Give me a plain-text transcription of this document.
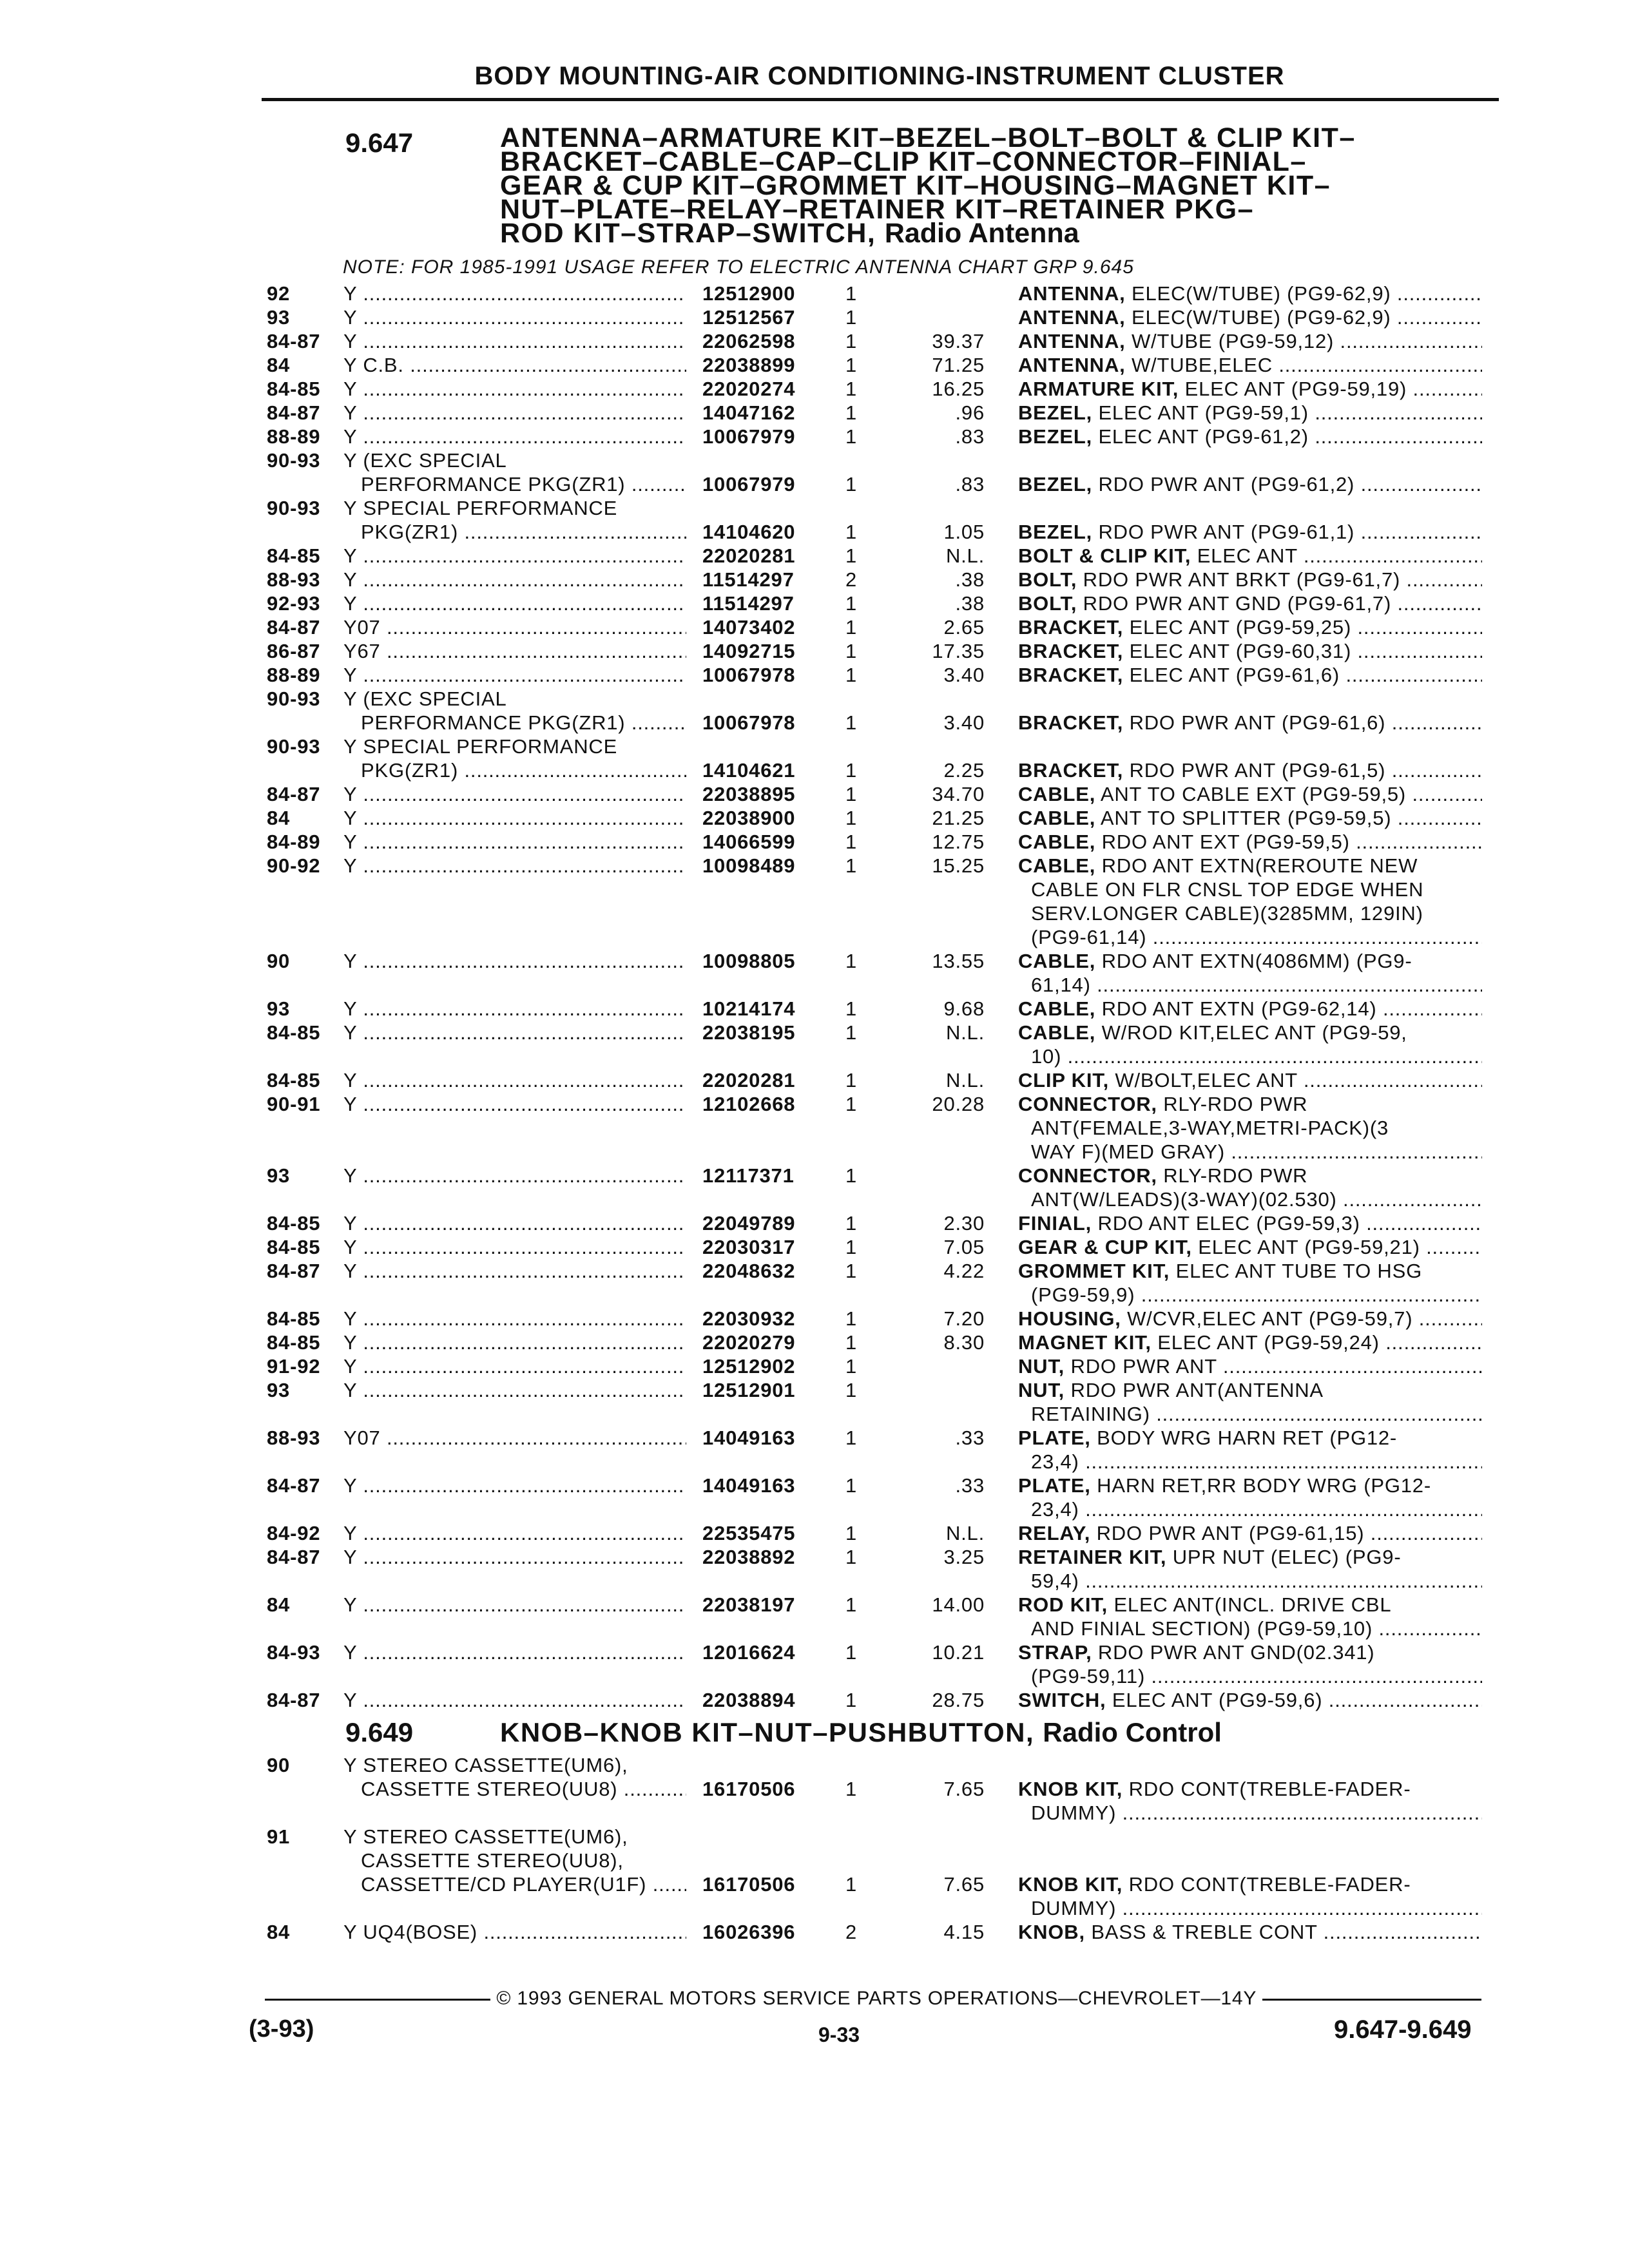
BODY MOUNTING-AIR CONDITIONING-INSTRUMENT CLUSTER
9.647	ANTENNA–ARMATURE KIT–BEZEL–BOLT–BOLT & CLIP KIT–
BRACKET–CABLE–CAP–CLIP KIT–CONNECTOR–FINIAL–
GEAR & CUP KIT–GROMMET KIT–HOUSING–MAGNET KIT–
NUT–PLATE–RELAY–RETAINER KIT–RETAINER PKG–
ROD KIT–STRAP–SWITCH, Radio Antenna
NOTE: FOR 1985-1991 USAGE REFER TO ELECTRIC ANTENNA CHART GRP 9.645
92	Y .....	12512900	1	ANTENNA, ELEC(W/TUBE) (PG9-62,9) .....
93	Y .....	12512567	1	ANTENNA, ELEC(W/TUBE) (PG9-62,9) .....
84-87	Y .....	22062598	1	39.37 ANTENNA, W/TUBE (PG9-59,12) .....
84	Y C.B. .....	22038899	1	71.25 ANTENNA, W/TUBE,ELEC .....
84-85	Y .....	22020274	1	16.25 ARMATURE KIT, ELEC ANT (PG9-59,19) .....
84-87	Y .....	14047162	1	.96 BEZEL, ELEC ANT (PG9-59,1) .....
88-89	Y .....	10067979	1	.83 BEZEL, ELEC ANT (PG9-61,2) .....
90-93	Y (EXC SPECIAL
PERFORMANCE PKG(ZR1) .....	10067979	1	.83 BEZEL, RDO PWR ANT (PG9-61,2) .....
90-93	Y SPECIAL PERFORMANCE
PKG(ZR1) .....	14104620	1	1.05 BEZEL, RDO PWR ANT (PG9-61,1) .....
84-85	Y .....	22020281	1	N.L. BOLT & CLIP KIT, ELEC ANT .....
88-93	Y .....	11514297	2	.38 BOLT, RDO PWR ANT BRKT (PG9-61,7) .....
92-93	Y .....	11514297	1	.38 BOLT, RDO PWR ANT GND (PG9-61,7) .....
84-87	Y07 .....	14073402	1	2.65 BRACKET, ELEC ANT (PG9-59,25) .....
86-87	Y67 .....	14092715	1	17.35 BRACKET, ELEC ANT (PG9-60,31) .....
88-89	Y .....	10067978	1	3.40 BRACKET, ELEC ANT (PG9-61,6) .....
90-93	Y (EXC SPECIAL
PERFORMANCE PKG(ZR1) .....	10067978	1	3.40 BRACKET, RDO PWR ANT (PG9-61,6) .....
90-93	Y SPECIAL PERFORMANCE
PKG(ZR1) .....	14104621	1	2.25 BRACKET, RDO PWR ANT (PG9-61,5) .....
84-87	Y .....	22038895	1	34.70 CABLE, ANT TO CABLE EXT (PG9-59,5) .....
84	Y .....	22038900	1	21.25 CABLE, ANT TO SPLITTER (PG9-59,5) .....
84-89	Y .....	14066599	1	12.75 CABLE, RDO ANT EXT (PG9-59,5) .....
90-92	Y .....	10098489	1	15.25 CABLE, RDO ANT EXTN(REROUTE NEW
CABLE ON FLR CNSL TOP EDGE WHEN
SERV.LONGER CABLE)(3285MM, 129IN)
(PG9-61,14) .....
90	Y .....	10098805	1	13.55 CABLE, RDO ANT EXTN(4086MM) (PG9-
61,14) .....
93	Y .....	10214174	1	9.68 CABLE, RDO ANT EXTN (PG9-62,14) .....
84-85	Y .....	22038195	1	N.L. CABLE, W/ROD KIT,ELEC ANT (PG9-59,
10) .....
84-85	Y .....	22020281	1	N.L. CLIP KIT, W/BOLT,ELEC ANT .....
90-91	Y .....	12102668	1	20.28 CONNECTOR, RLY-RDO PWR
ANT(FEMALE,3-WAY,METRI-PACK)(3
WAY F)(MED GRAY) .....
93	Y .....	12117371	1	CONNECTOR, RLY-RDO PWR
ANT(W/LEADS)(3-WAY)(02.530) .....
84-85	Y .....	22049789	1	2.30 FINIAL, RDO ANT ELEC (PG9-59,3) .....
84-85	Y .....	22030317	1	7.05 GEAR & CUP KIT, ELEC ANT (PG9-59,21) .....
84-87	Y .....	22048632	1	4.22 GROMMET KIT, ELEC ANT TUBE TO HSG
(PG9-59,9) .....
84-85	Y .....	22030932	1	7.20 HOUSING, W/CVR,ELEC ANT (PG9-59,7) .....
84-85	Y .....	22020279	1	8.30 MAGNET KIT, ELEC ANT (PG9-59,24) .....
91-92	Y .....	12512902	1	NUT, RDO PWR ANT .....
93	Y .....	12512901	1	NUT, RDO PWR ANT(ANTENNA
RETAINING) .....
88-93	Y07 .....	14049163	1	.33 PLATE, BODY WRG HARN RET (PG12-
23,4) .....
84-87	Y .....	14049163	1	.33 PLATE, HARN RET,RR BODY WRG (PG12-
23,4) .....
84-92	Y .....	22535475	1	N.L. RELAY, RDO PWR ANT (PG9-61,15) .....
84-87	Y .....	22038892	1	3.25 RETAINER KIT, UPR NUT (ELEC) (PG9-
59,4) .....
84	Y .....	22038197	1	14.00 ROD KIT, ELEC ANT(INCL. DRIVE CBL
AND FINIAL SECTION) (PG9-59,10) .....
84-93	Y .....	12016624	1	10.21 STRAP, RDO PWR ANT GND(02.341)
(PG9-59,11) .....
84-87	Y .....	22038894	1	28.75 SWITCH, ELEC ANT (PG9-59,6) .....
90	Y STEREO CASSETTE(UM6),
CASSETTE STEREO(UU8) .....	16170506	1	7.65 KNOB KIT, RDO CONT(TREBLE-FADER-
DUMMY) .....
91	Y STEREO CASSETTE(UM6),
CASSETTE STEREO(UU8),
CASSETTE/CD PLAYER(U1F) .....	16170506	1	7.65 KNOB KIT, RDO CONT(TREBLE-FADER-
DUMMY) .....
84	Y UQ4(BOSE) .....	16026396	2	4.15 KNOB, BASS & TREBLE CONT .....
9.649	KNOB–KNOB KIT–NUT–PUSHBUTTON, Radio Control
© 1993 GENERAL MOTORS SERVICE PARTS OPERATIONS—CHEVROLET—14Y
(3-93)	9-33	9.647-9.649
